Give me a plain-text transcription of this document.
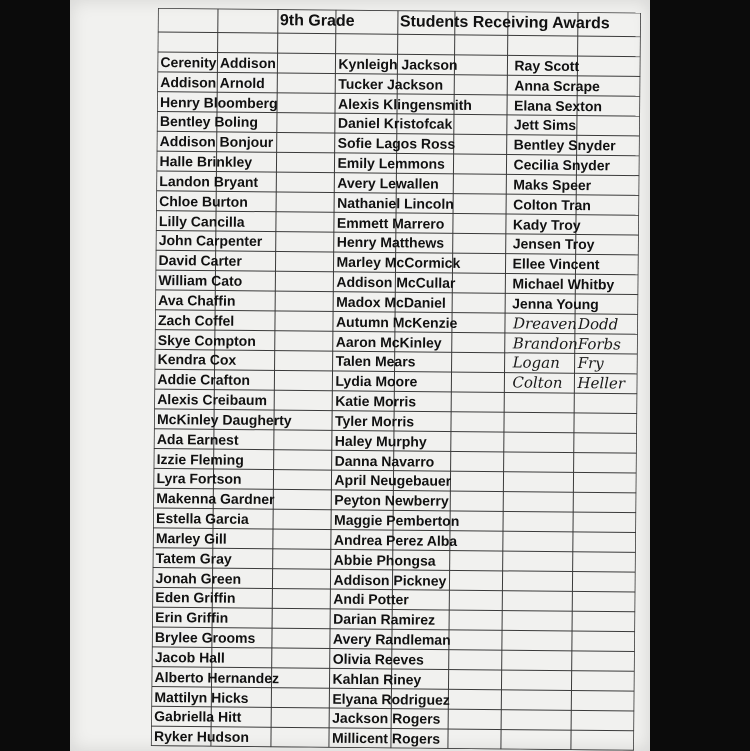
9th Grade	Students Receiving Awards
Cerenity Addison
Addison Arnold
Henry Bloomberg
Bentley Boling
Addison Bonjour
Halle Brinkley
Landon Bryant
Chloe Burton
Lilly Cancilla
John Carpenter
David Carter
William Cato
Ava Chaffin
Zach Coffel
Skye Compton
Kendra Cox
Addie Crafton
Alexis Creibaum
McKinley Daugherty
Ada Earnest
Izzie Fleming
Lyra Fortson
Makenna Gardner
Estella Garcia
Marley Gill
Tatem Gray
Jonah Green
Eden Griffin
Erin Griffin
Brylee Grooms
Jacob Hall
Alberto Hernandez
Mattilyn Hicks
Gabriella Hitt
Ryker Hudson
Kynleigh Jackson
Tucker Jackson
Alexis Klingensmith
Daniel Kristofcak
Sofie Lagos Ross
Emily Lemmons
Avery Lewallen
Nathaniel Lincoln
Emmett Marrero
Henry Matthews
Marley McCormick
Addison McCullar
Madox McDaniel
Autumn McKenzie
Aaron McKinley
Talen Mears
Lydia Moore
Katie Morris
Tyler Morris
Haley Murphy
Danna Navarro
April Neugebauer
Peyton Newberry
Maggie Pemberton
Andrea Perez Alba
Abbie Phongsa
Addison Pickney
Andi Potter
Darian Ramirez
Avery Randleman
Olivia Reeves
Kahlan Riney
Elyana Rodriguez
Jackson Rogers
Millicent Rogers
Ray Scott
Anna Scrape
Elana Sexton
Jett Sims
Bentley Snyder
Cecilia Snyder
Maks Speer
Colton Tran
Kady Troy
Jensen Troy
Ellee Vincent
Michael Whitby
Jenna Young
Dreaven Dodd
Brandon Forbs
Logan Fry
Colton Heller
